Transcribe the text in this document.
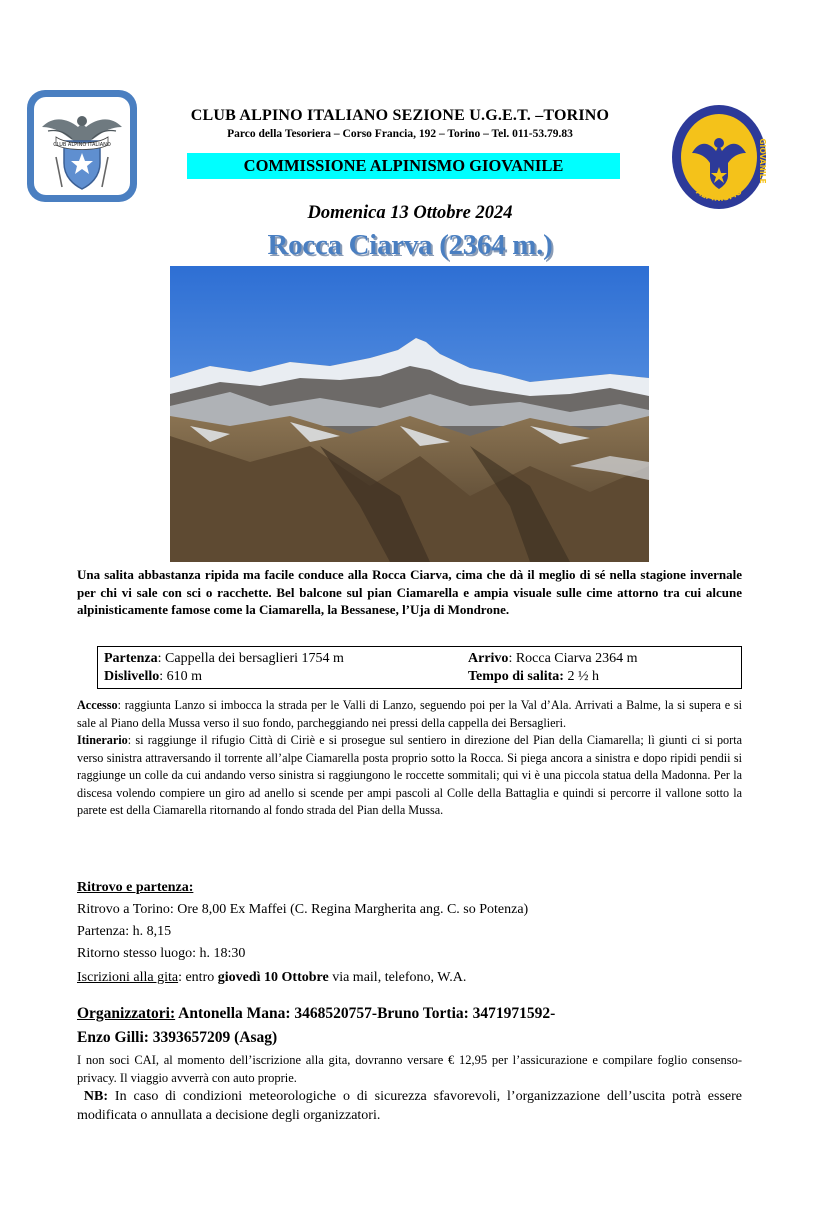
CLUB ALPINO ITALIANO
C.A.I.
ALPINISMO
GIOVANILE
CLUB ALPINO ITALIANO SEZIONE U.G.E.T. –TORINO
Parco della Tesoriera – Corso Francia, 192 – Torino – Tel. 011-53.79.83
COMMISSIONE ALPINISMO GIOVANILE
Domenica 13 Ottobre 2024
Rocca Ciarva (2364 m.)
Una salita abbastanza ripida ma facile conduce alla Rocca Ciarva, cima che dà il meglio di sé nella stagione invernale per chi vi sale con sci o racchette. Bel balcone sul pian Ciamarella e ampia visuale sulle cime attorno tra cui alcune alpinisticamente famose come la Ciamarella, la Bessanese, l’Uja di Mondrone.
Partenza: Cappella dei bersaglieri 1754 m	Arrivo: Rocca Ciarva 2364 m
Dislivello: 610 m	Tempo di salita: 2 ½ h

Accesso: raggiunta Lanzo si imbocca la strada per le Valli di Lanzo, seguendo poi per la Val d’Ala. Arrivati a Balme, la si supera e si sale al Piano della Mussa verso il suo fondo, parcheggiando nei pressi della cappella dei Bersaglieri.

Itinerario: si raggiunge il rifugio Città di Ciriè e si prosegue sul sentiero in direzione del Pian della Ciamarella; lì giunti ci si porta verso sinistra attraversando il torrente all’alpe Ciamarella posta proprio sotto la Rocca. Si piega ancora a sinistra e dopo ripidi pendii si raggiunge un colle da cui andando verso sinistra si raggiungono le roccette sommitali; qui vi è una piccola statua della Madonna. Per la discesa volendo compiere un giro ad anello si scende per ampi pascoli al Colle della Battaglia e quindi si percorre il vallone sotto la parete est della Ciamarella ritornando al fondo strada del Pian della Mussa.

Ritrovo e partenza:
Ritrovo a Torino: Ore 8,00 Ex Maffei (C. Regina Margherita ang. C. so Potenza)
Partenza: h. 8,15
Ritorno stesso luogo: h. 18:30
Iscrizioni alla gita: entro giovedì 10 Ottobre via mail, telefono, W.A.
Organizzatori: Antonella Mana: 3468520757-Bruno Tortia: 3471971592-
Enzo Gilli: 3393657209 (Asag)
I non soci CAI, al momento dell’iscrizione alla gita, dovranno versare € 12,95 per l’assicurazione e compilare foglio consenso-privacy. Il viaggio avverrà con auto proprie.
NB: In caso di condizioni meteorologiche o di sicurezza sfavorevoli, l’organizzazione dell’uscita potrà essere modificata o annullata a decisione degli organizzatori.
